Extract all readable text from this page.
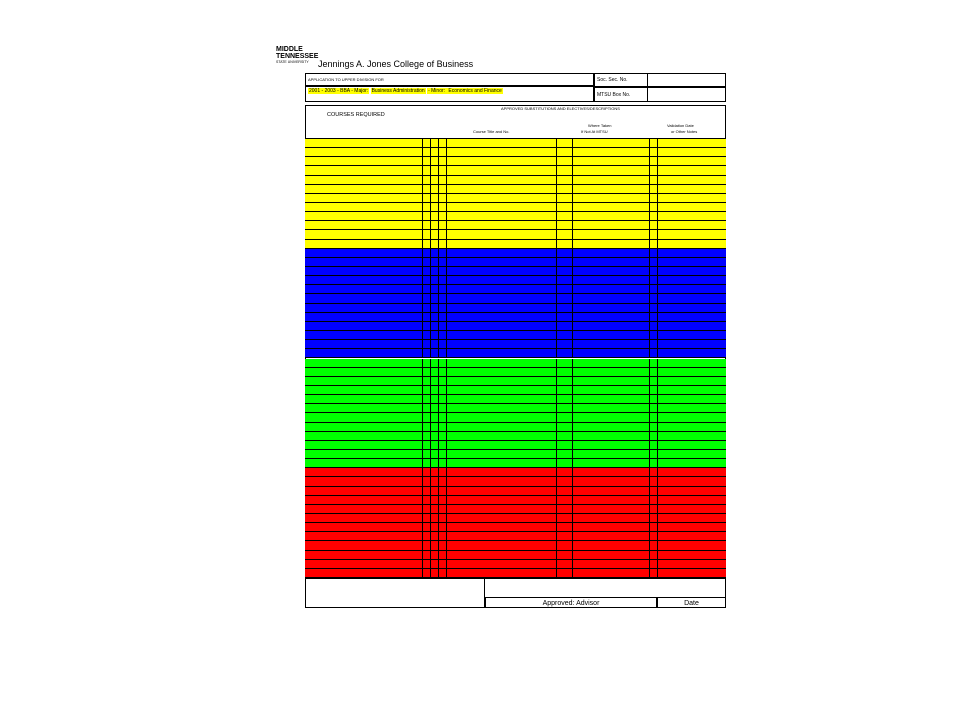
MIDDLE
TENNESSEE
STATE UNIVERSITY	Jennings A. Jones College of Business
APPLICATION TO UPPER DIVISION FOR
2001 - 2003 - BBA - Major: Business Administration - Minor: Economics and Finance
Soc. Sec. No.
MTSU Box No.
COURSES REQUIRED
APPROVED SUBSTITUTIONS AND ELECTIVES/DESCRIPTIONS
Course Title and No.
Where Taken
If Not At MTSU
Validation Date
or Other Notes
Approved: Advisor	Date
